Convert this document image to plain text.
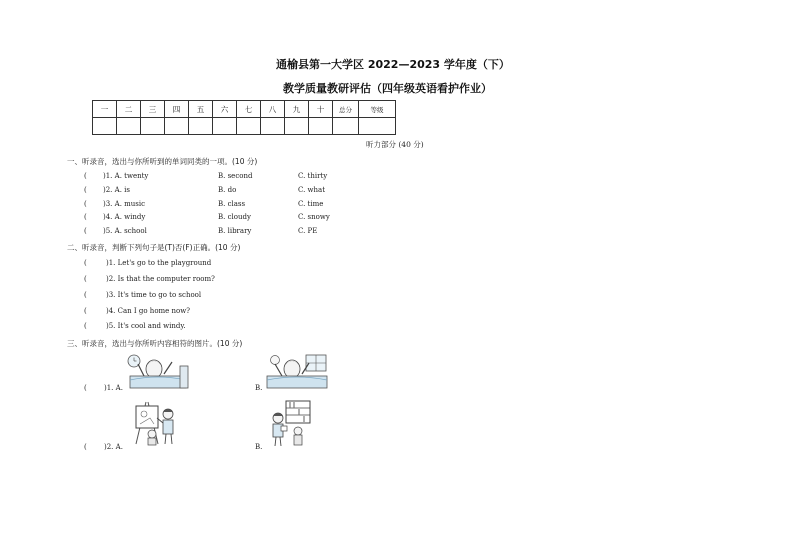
通榆县第一大学区 2022—2023 学年度（下）
教学质量教研评估（四年级英语看护作业）
一	二	三	四	五	六	七	八	九	十	总分	等级

听力部分 (40 分)
一、听录音，选出与你所听到的单词同类的一项。(10 分)
( )1. A. twenty	B. second	C. thirty
( )2. A. is	B. do	C. what
( )3. A. music	B. class	C. time
( )4. A. windy	B. cloudy	C. snowy
( )5. A. school	B. library	C. PE
二、听录音，判断下列句子是(T)否(F)正确。(10 分)
(	)1. Let's go to the playground
(	)2. Is that the computer room?
(	)3. It's time to go to school
(	)4. Can I go home now?
(	)5. It's cool and windy.
三、听录音，选出与你所听内容相符的图片。(10 分)
( )1. A.	B.
( )2. A.	B.
